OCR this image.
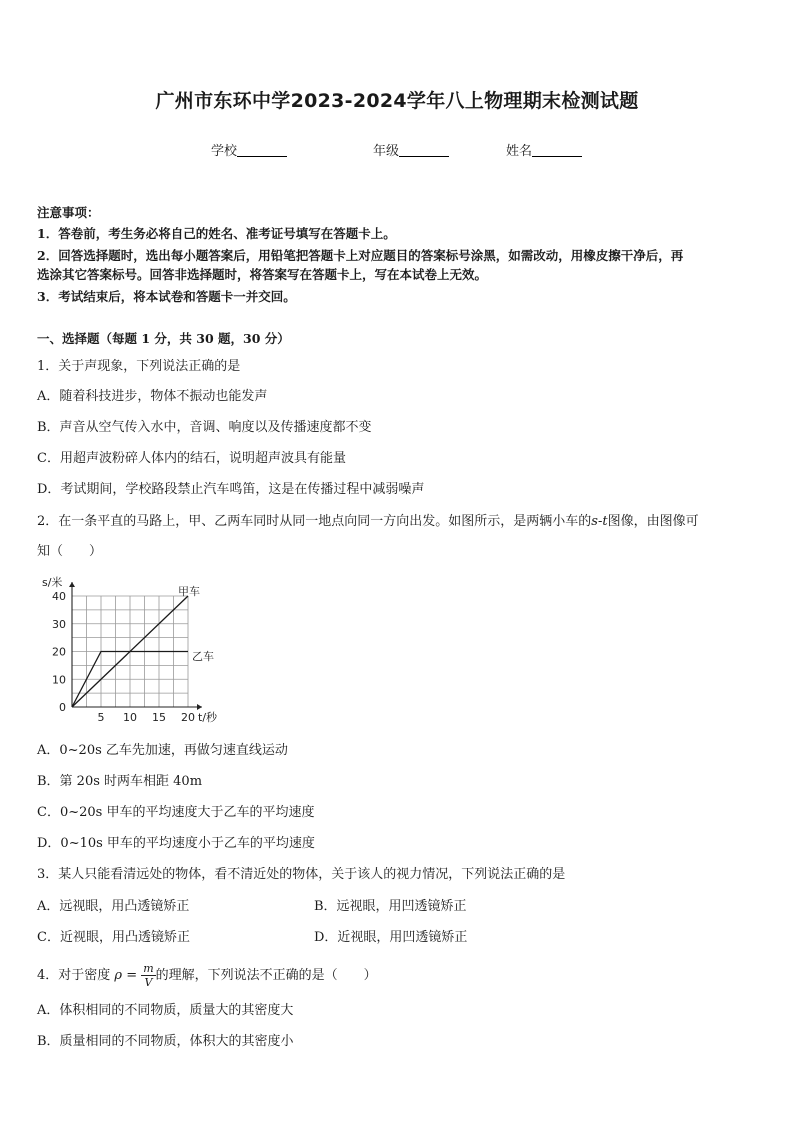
广州市东环中学2023-2024学年八上物理期末检测试题
学校	年级	姓名
注意事项：
1．答卷前，考生务必将自己的姓名、准考证号填写在答题卡上。
2．回答选择题时，选出每小题答案后，用铅笔把答题卡上对应题目的答案标号涂黑，如需改动，用橡皮擦干净后，再
选涂其它答案标号。回答非选择题时，将答案写在答题卡上，写在本试卷上无效。
3．考试结束后，将本试卷和答题卡一并交回。
一、选择题（每题 1 分，共 30 题，30 分）
1．关于声现象，下列说法正确的是
A．随着科技进步，物体不振动也能发声
B．声音从空气传入水中，音调、响度以及传播速度都不变
C．用超声波粉碎人体内的结石，说明超声波具有能量
D．考试期间，学校路段禁止汽车鸣笛，这是在传播过程中减弱噪声
2．在一条平直的马路上，甲、乙两车同时从同一地点向同一方向出发。如图所示，是两辆小车的s-t图像，由图像可
知（　　）
5 10 15 20
0
10
20
30
40
s/米
t/秒
甲车
乙车
A．0~20s 乙车先加速，再做匀速直线运动
B．第 20s 时两车相距 40m
C．0~20s 甲车的平均速度大于乙车的平均速度
D．0~10s 甲车的平均速度小于乙车的平均速度
3．某人只能看清远处的物体，看不清近处的物体，关于该人的视力情况，下列说法正确的是
A．远视眼，用凸透镜矫正	B．远视眼，用凹透镜矫正
C．近视眼，用凸透镜矫正	D．近视眼，用凹透镜矫正
4．对于密度 $\rho = \frac{m}{V}$ 的理解，下列说法不正确的是（　　）
A．体积相同的不同物质，质量大的其密度大
B．质量相同的不同物质，体积大的其密度小
